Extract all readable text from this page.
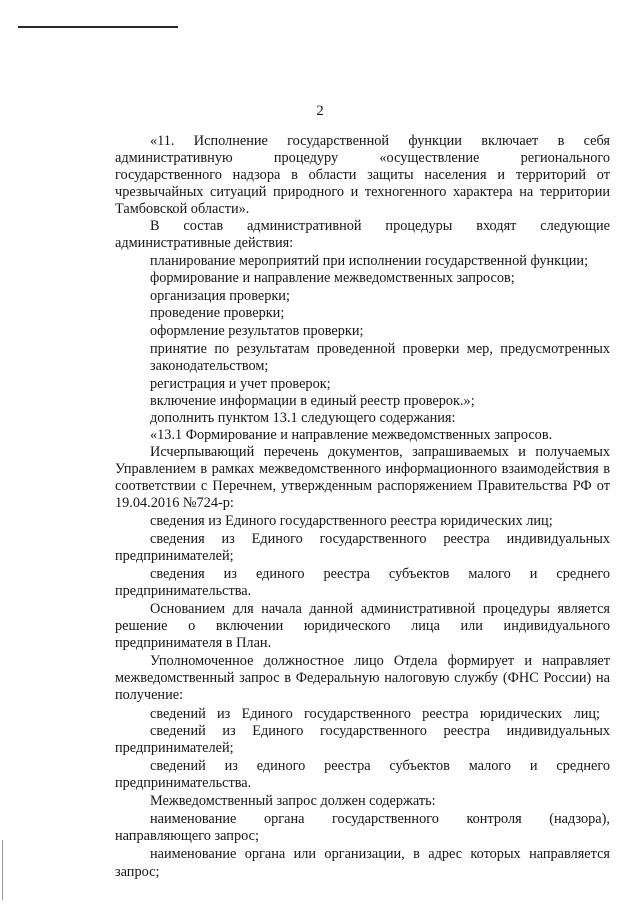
2
«11. Исполнение государственной функции включает в себя
административную процедуру «осуществление регионального
государственного надзора в области защиты населения и территорий от
чрезвычайных ситуаций природного и техногенного характера на территории
Тамбовской области».
В состав административной процедуры входят следующие
административные действия:
планирование мероприятий при исполнении государственной функции;
формирование и направление межведомственных запросов;
организация проверки;
проведение проверки;
оформление результатов проверки;
принятие по результатам проведенной проверки мер, предусмотренных
законодательством;
регистрация и учет проверок;
включение информации в единый реестр проверок.»;
дополнить пунктом 13.1 следующего содержания:
«13.1 Формирование и направление межведомственных запросов.
Исчерпывающий перечень документов, запрашиваемых и получаемых
Управлением в рамках межведомственного информационного взаимодействия в
соответствии с Перечнем, утвержденным распоряжением Правительства РФ от
19.04.2016 №724-р:
сведения из Единого государственного реестра юридических лиц;
сведения из Единого государственного реестра индивидуальных
предпринимателей;
сведения из единого реестра субъектов малого и среднего
предпринимательства.
Основанием для начала данной административной процедуры является
решение о включении юридического лица или индивидуального
предпринимателя в План.
Уполномоченное должностное лицо Отдела формирует и направляет
межведомственный запрос в Федеральную налоговую службу (ФНС России) на
получение:
сведений из Единого государственного реестра юридических лиц;
сведений из Единого государственного реестра индивидуальных
предпринимателей;
сведений из единого реестра субъектов малого и среднего
предпринимательства.
Межведомственный запрос должен содержать:
наименование органа государственного контроля (надзора),
направляющего запрос;
наименование органа или организации, в адрес которых направляется
запрос;
